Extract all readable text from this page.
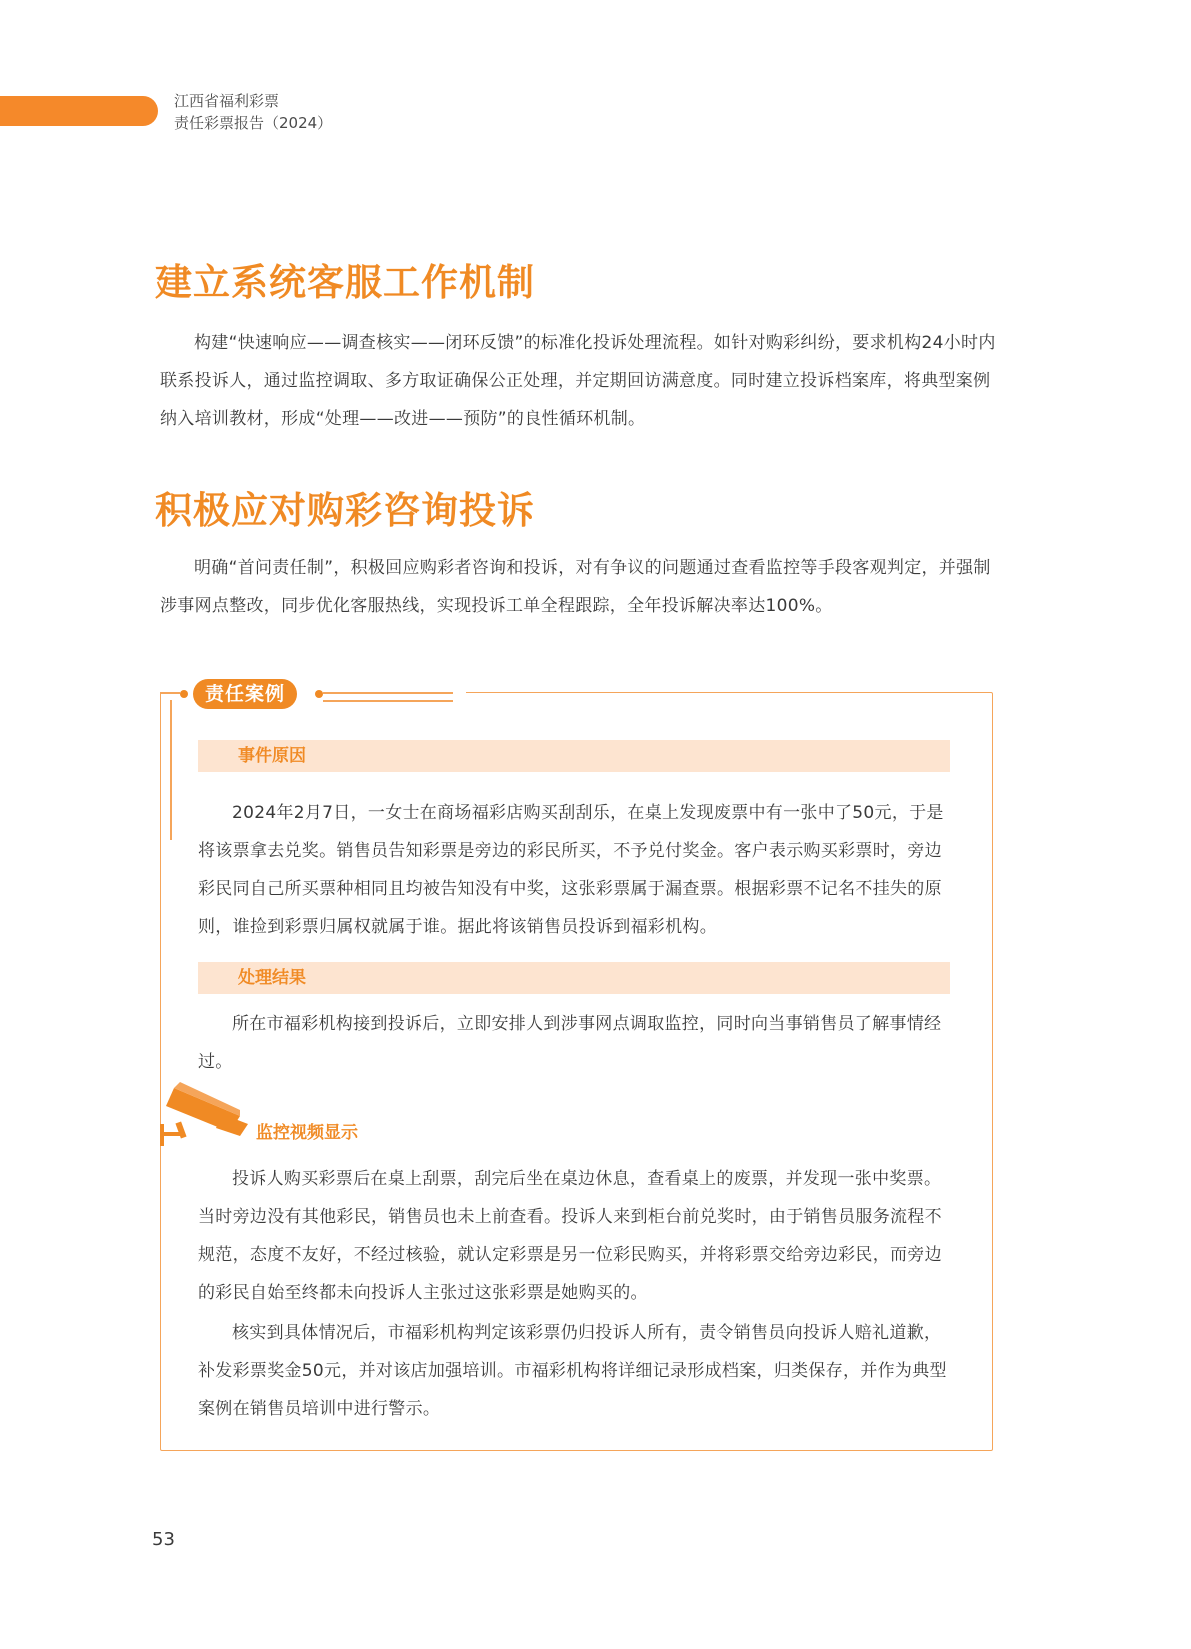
江西省福利彩票
责任彩票报告（2024）
建立系统客服工作机制

构建“快速响应——调查核实——闭环反馈”的标准化投诉处理流程。如针对购彩纠纷，要求机构24小时内联系投诉人，通过监控调取、多方取证确保公正处理，并定期回访满意度。同时建立投诉档案库，将典型案例纳入培训教材，形成“处理——改进——预防”的良性循环机制。

积极应对购彩咨询投诉

明确“首问责任制”，积极回应购彩者咨询和投诉，对有争议的问题通过查看监控等手段客观判定，并强制涉事网点整改，同步优化客服热线，实现投诉工单全程跟踪，全年投诉解决率达100%。

责任案例
事件原因

2024年2月7日，一女士在商场福彩店购买刮刮乐，在桌上发现废票中有一张中了50元，于是将该票拿去兑奖。销售员告知彩票是旁边的彩民所买，不予兑付奖金。客户表示购买彩票时，旁边彩民同自己所买票种相同且均被告知没有中奖，这张彩票属于漏查票。根据彩票不记名不挂失的原则，谁捡到彩票归属权就属于谁。据此将该销售员投诉到福彩机构。

处理结果

所在市福彩机构接到投诉后，立即安排人到涉事网点调取监控，同时向当事销售员了解事情经过。

监控视频显示

投诉人购买彩票后在桌上刮票，刮完后坐在桌边休息，查看桌上的废票，并发现一张中奖票。当时旁边没有其他彩民，销售员也未上前查看。投诉人来到柜台前兑奖时，由于销售员服务流程不规范，态度不友好，不经过核验，就认定彩票是另一位彩民购买，并将彩票交给旁边彩民，而旁边的彩民自始至终都未向投诉人主张过这张彩票是她购买的。

核实到具体情况后，市福彩机构判定该彩票仍归投诉人所有，责令销售员向投诉人赔礼道歉，补发彩票奖金50元，并对该店加强培训。市福彩机构将详细记录形成档案，归类保存，并作为典型案例在销售员培训中进行警示。

53
